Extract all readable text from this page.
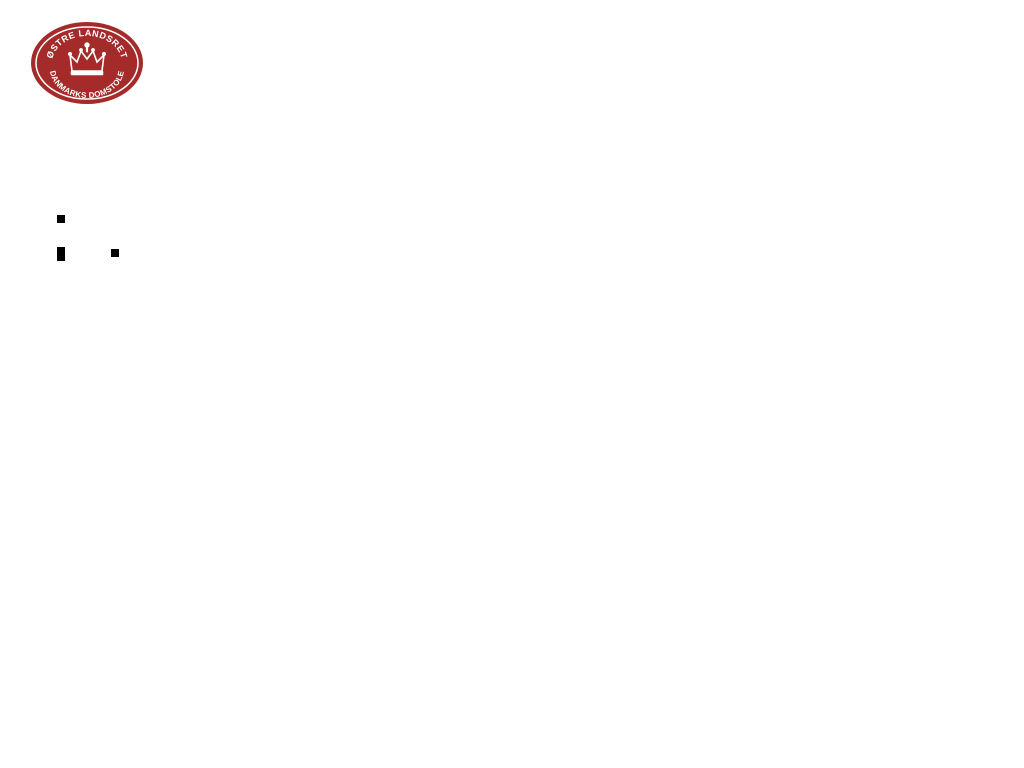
ØSTRE LANDSRET
DANMARKS DOMSTOLE
